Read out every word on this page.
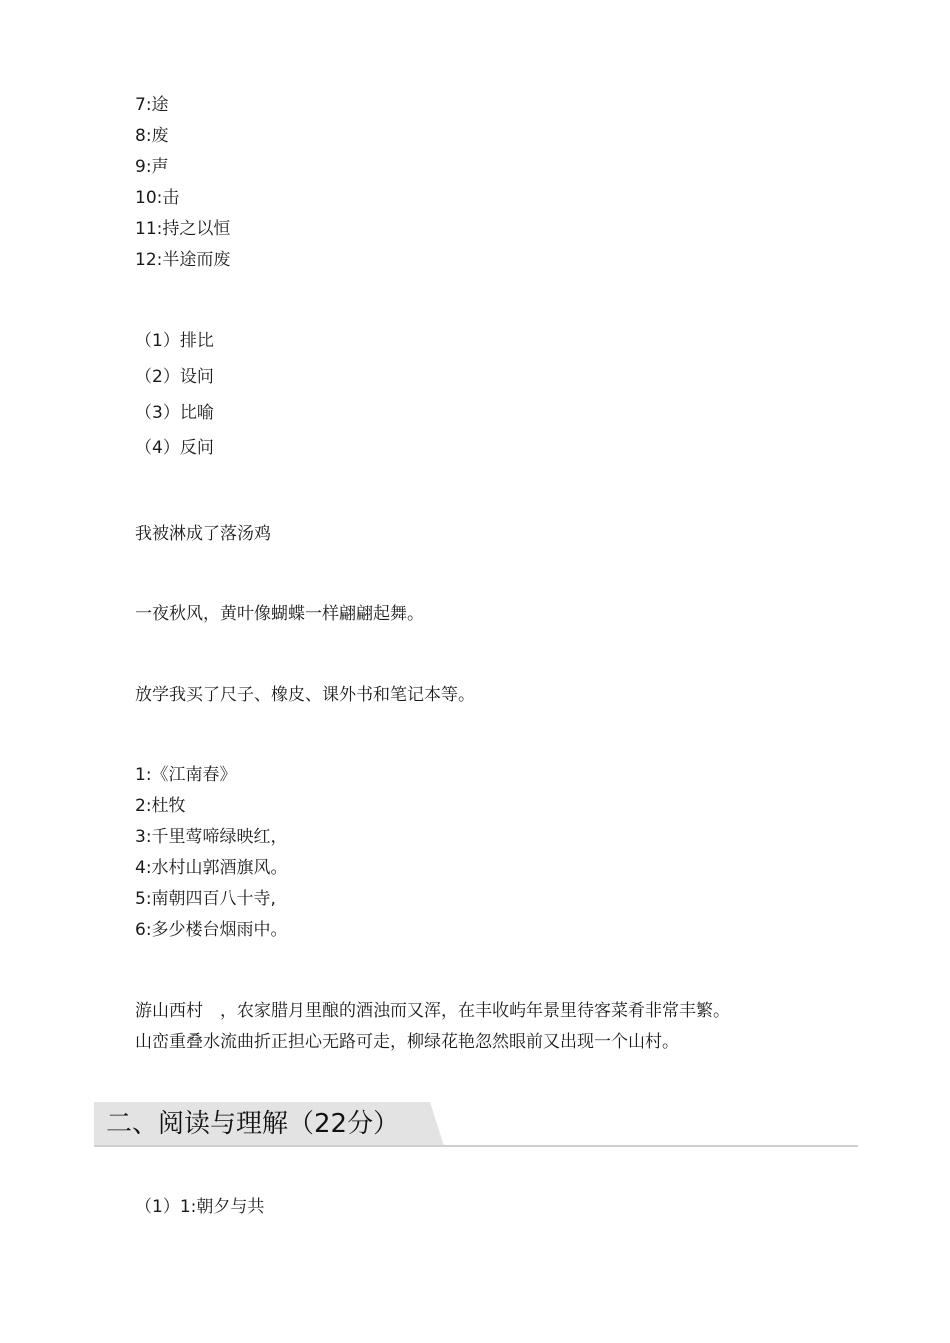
7:途
8:废
9:声
10:击
11:持之以恒
12:半途而废
（1）排比
（2）设问
（3）比喻
（4）反问
我被淋成了落汤鸡
一夜秋风，黄叶像蝴蝶一样翩翩起舞。
放学我买了尺子、橡皮、课外书和笔记本等。
1:《江南春》
2:杜牧
3:千里莺啼绿映红，
4:水村山郭酒旗风。
5:南朝四百八十寺,
6:多少楼台烟雨中。
游山西村　，农家腊月里酿的酒浊而又浑，在丰收屿年景里待客菜肴非常丰繁。
山峦重叠水流曲折正担心无路可走，柳绿花艳忽然眼前又出现一个山村。
二、阅读与理解（22分）
（1）1:朝夕与共
